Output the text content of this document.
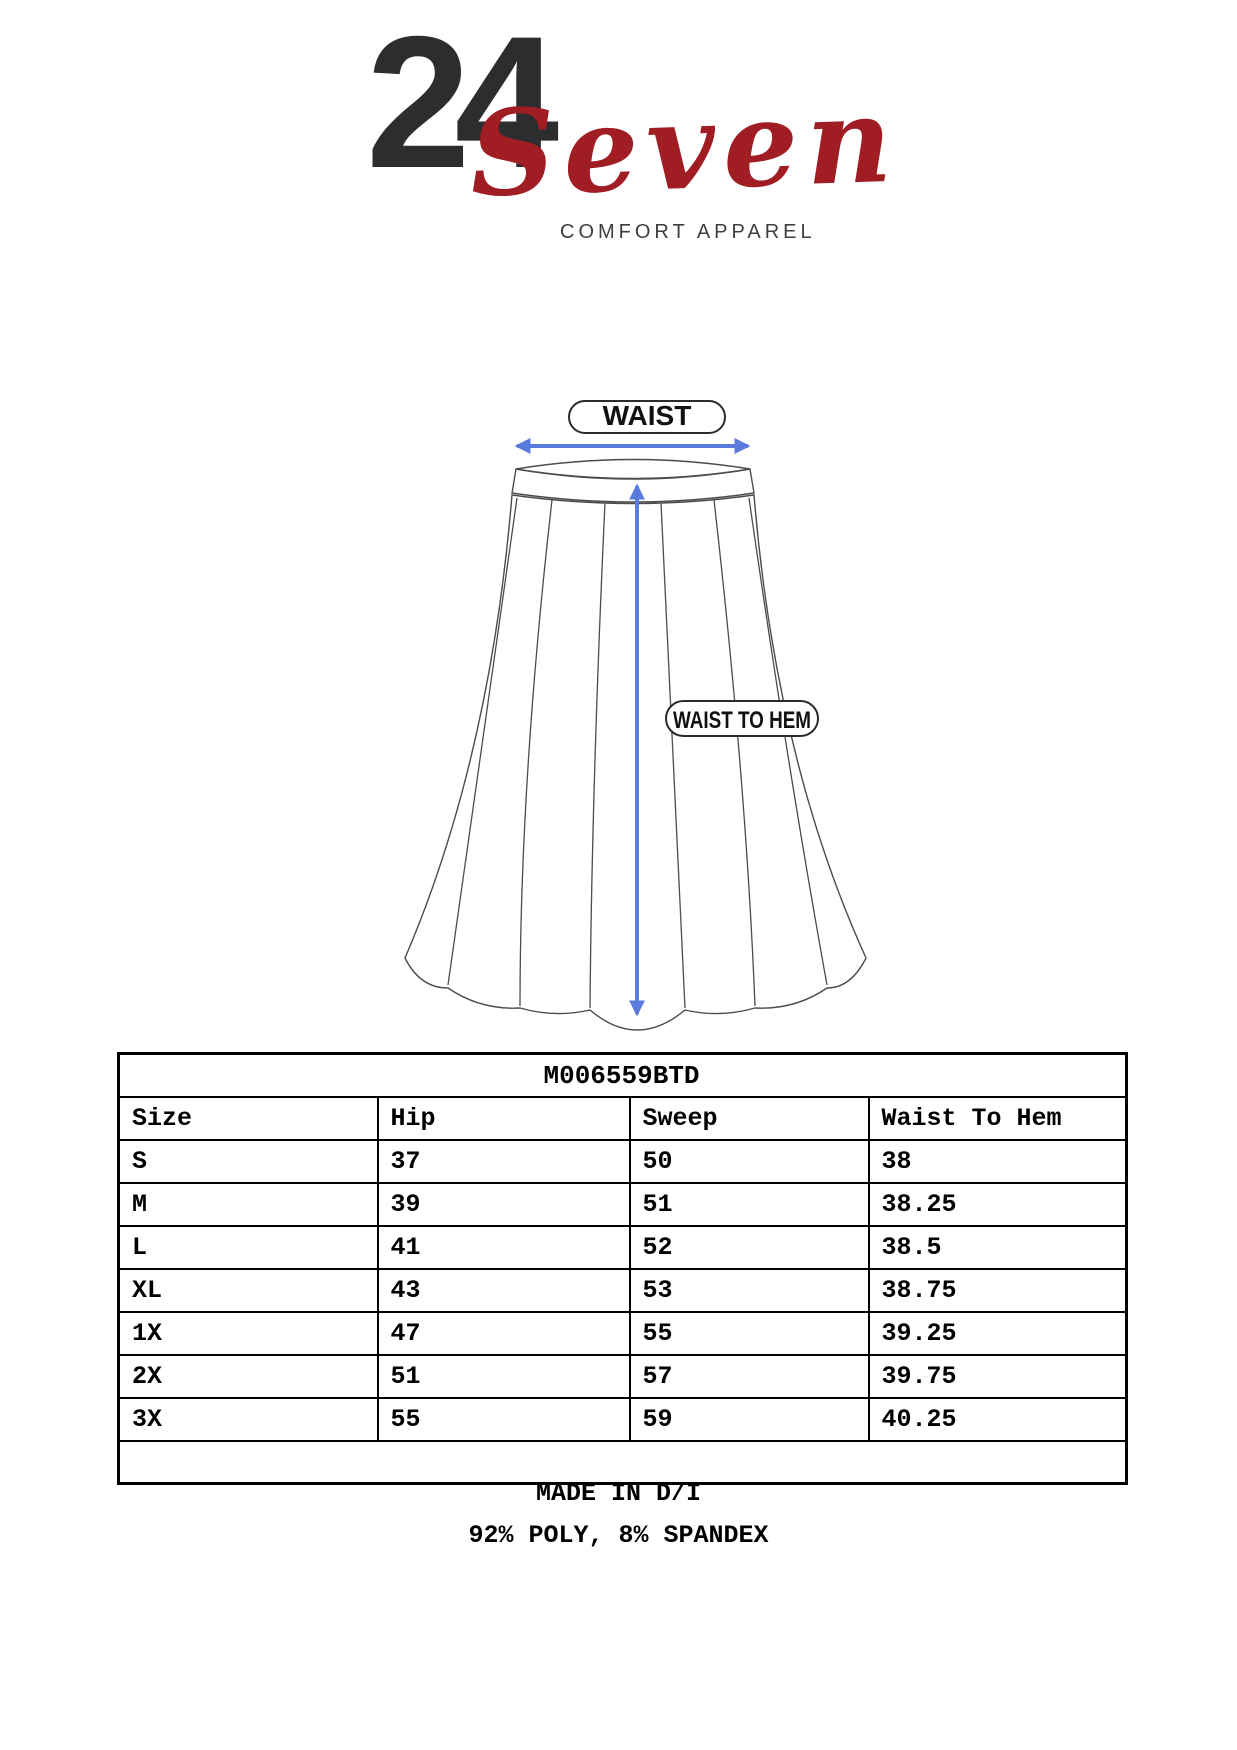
24
Seven
COMFORT APPAREL
WAIST
WAIST TO HEM
M006559BTD			
Size	Hip	Sweep	Waist To Hem
S	37	50	38
M	39	51	38.25
L	41	52	38.5
XL	43	53	38.75
1X	47	55	39.25
2X	51	57	39.75
3X	55	59	40.25

MADE IN D/I
92% POLY, 8% SPANDEX
